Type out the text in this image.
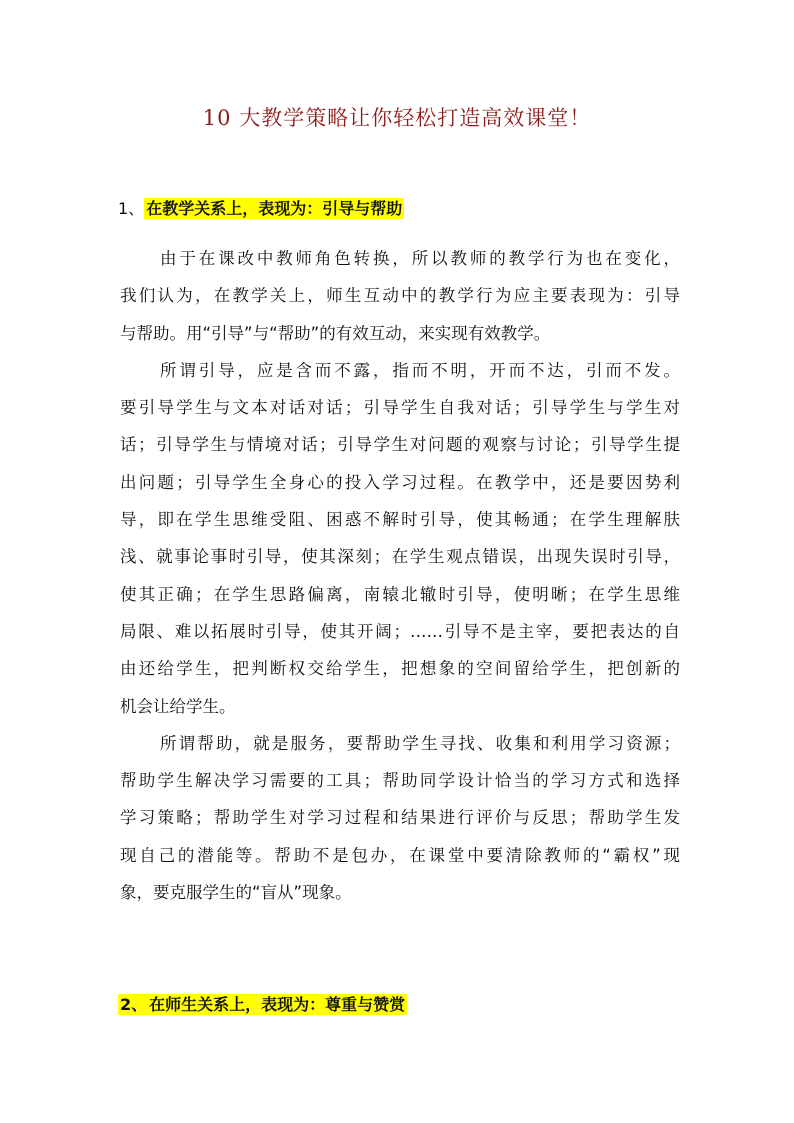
10 大教学策略让你轻松打造高效课堂！
1、 在教学关系上，表现为：引导与帮助
由于在课改中教师角色转换，所以教师的教学行为也在变化，
我们认为，在教学关上，师生互动中的教学行为应主要表现为：引导
与帮助。用“引导”与“帮助”的有效互动，来实现有效教学。
所谓引导，应是含而不露，指而不明，开而不达，引而不发。
要引导学生与文本对话对话；引导学生自我对话；引导学生与学生对
话；引导学生与情境对话；引导学生对问题的观察与讨论；引导学生提
出问题；引导学生全身心的投入学习过程。在教学中，还是要因势利
导，即在学生思维受阻、困惑不解时引导，使其畅通；在学生理解肤
浅、就事论事时引导，使其深刻；在学生观点错误，出现失误时引导，
使其正确；在学生思路偏离，南辕北辙时引导，使明晰；在学生思维
局限、难以拓展时引导，使其开阔；……引导不是主宰，要把表达的自
由还给学生，把判断权交给学生，把想象的空间留给学生，把创新的
机会让给学生。
所谓帮助，就是服务，要帮助学生寻找、收集和利用学习资源；
帮助学生解决学习需要的工具；帮助同学设计恰当的学习方式和选择
学习策略；帮助学生对学习过程和结果进行评价与反思；帮助学生发
现自己的潜能等。帮助不是包办，在课堂中要清除教师的“霸权”现
象，要克服学生的“盲从”现象。
2、 在师生关系上，表现为：尊重与赞赏
